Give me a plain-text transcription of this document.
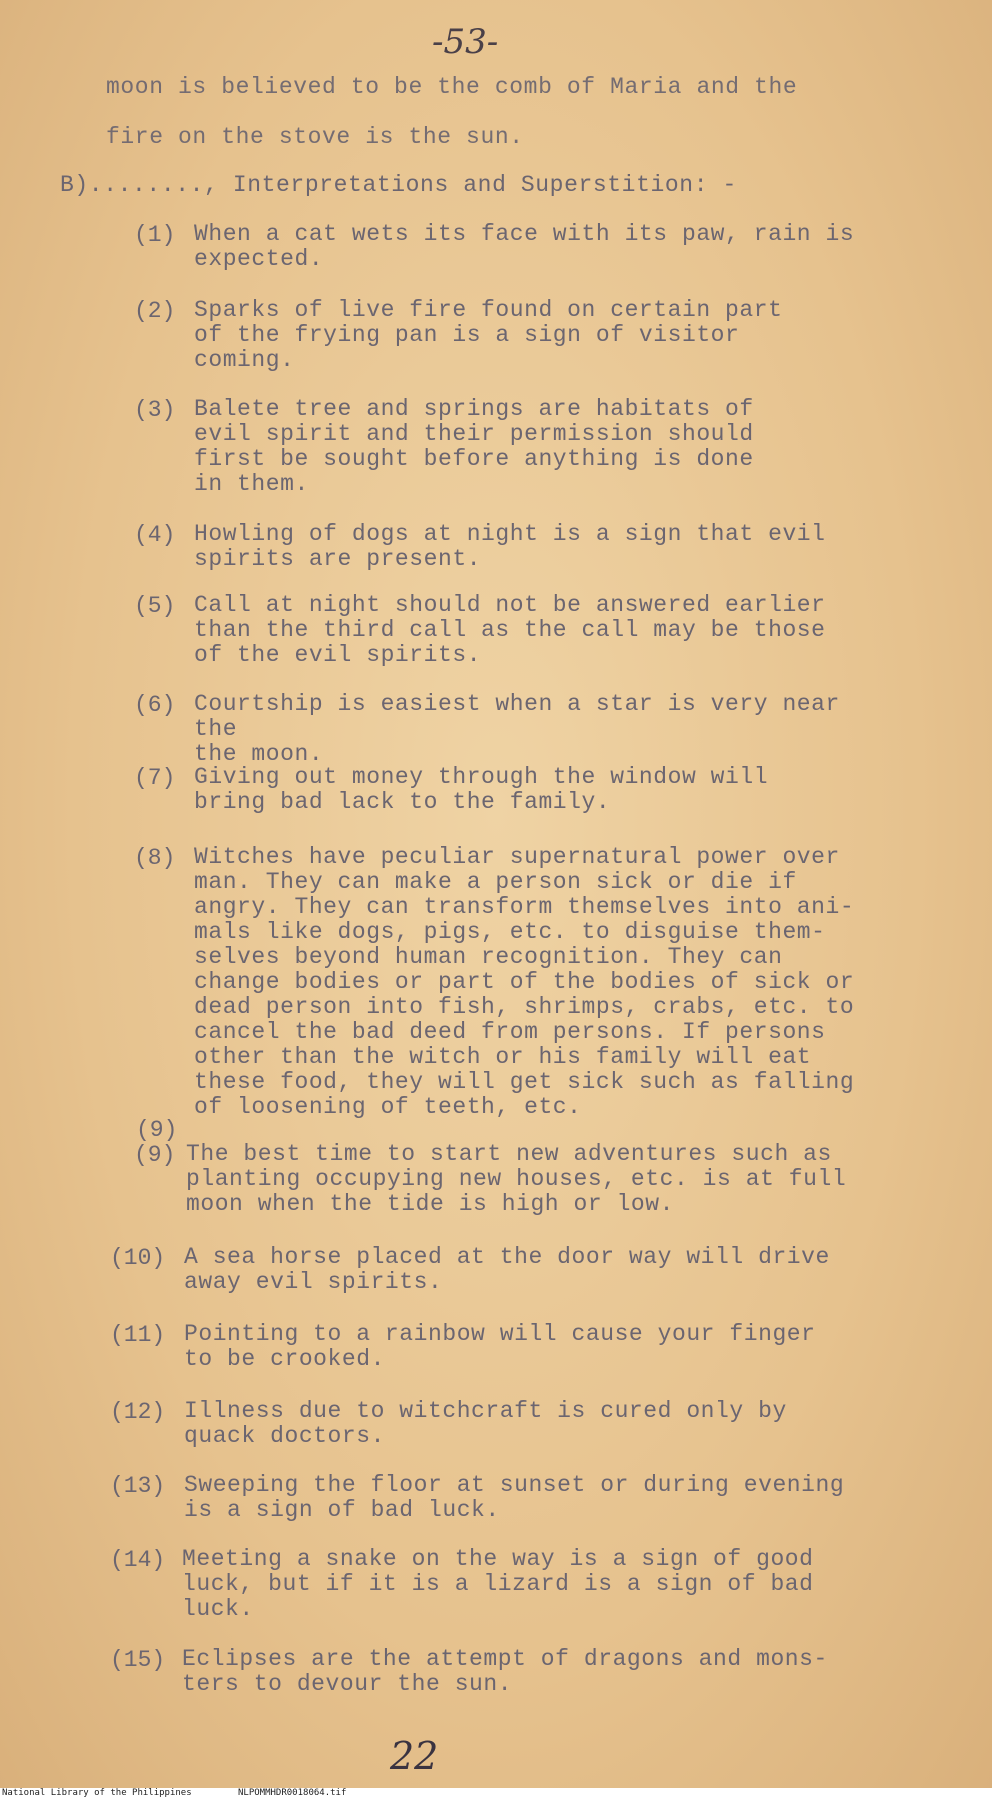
-53-
moon is believed to be the comb of Maria and the
fire on the stove is the sun.
B)........, Interpretations and Superstition: -
(1) When a cat wets its face with its paw, rain is
expected.
(2) Sparks of live fire found on certain part
of the frying pan is a sign of visitor
coming.
(3) Balete tree and springs are habitats of
evil spirit and their permission should
first be sought before anything is done
in them.
(4) Howling of dogs at night is a sign that evil
spirits are present.
(5) Call at night should not be answered earlier
than the third call as the call may be those
of the evil spirits.
(6) Courtship is easiest when a star is very near the
the moon.
(7) Giving out money through the window will
bring bad lack to the family.
(8) Witches have peculiar supernatural power over
man. They can make a person sick or die if
angry. They can transform themselves into ani-
mals like dogs, pigs, etc. to disguise them-
selves beyond human recognition. They can
change bodies or part of the bodies of sick or
dead person into fish, shrimps, crabs, etc. to
cancel the bad deed from persons. If persons
other than the witch or his family will eat
these food, they will get sick such as falling
of loosening of teeth, etc.
(9)
(9) The best time to start new adventures such as
planting occupying new houses, etc. is at full
moon when the tide is high or low.
(10) A sea horse placed at the door way will drive
away evil spirits.
(11) Pointing to a rainbow will cause your finger
to be crooked.
(12) Illness due to witchcraft is cured only by
quack doctors.
(13) Sweeping the floor at sunset or during evening
is a sign of bad luck.
(14) Meeting a snake on the way is a sign of good
luck, but if it is a lizard is a sign of bad
luck.
(15) Eclipses are the attempt of dragons and mons-
ters to devour the sun.
22
National Library of the Philippines	NLPOMMHDR0018064.tif
